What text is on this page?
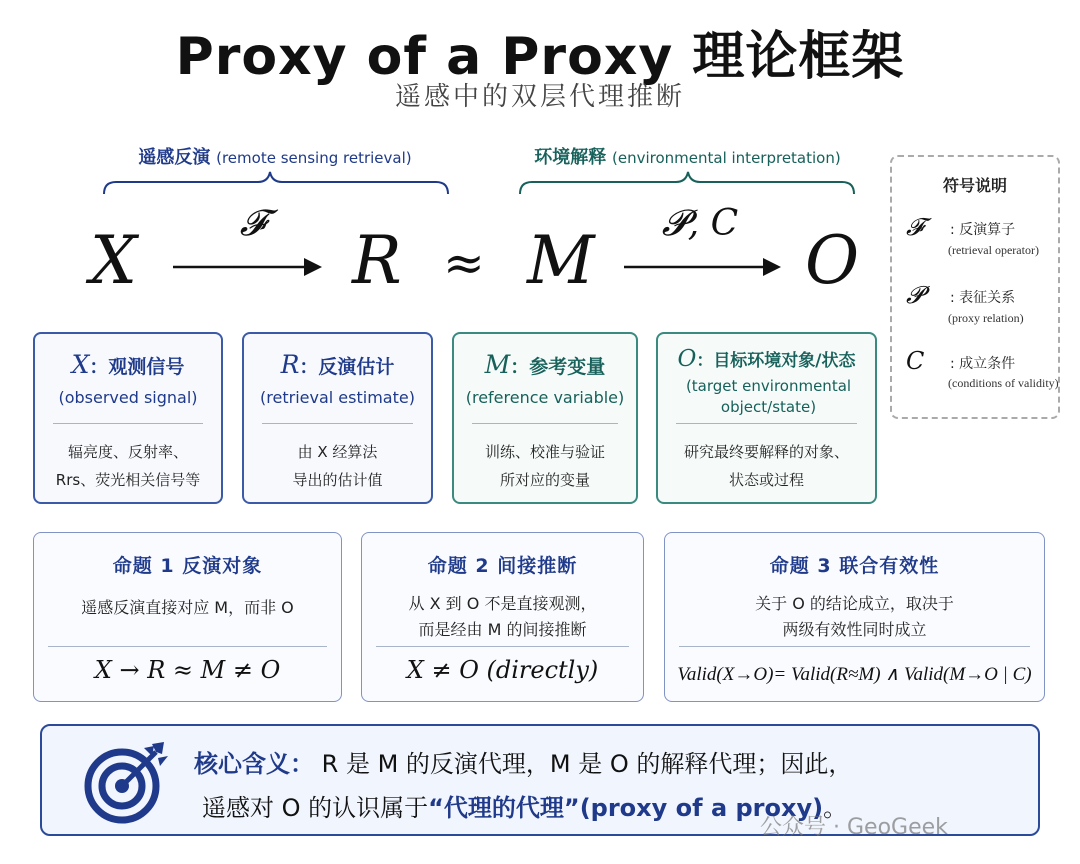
Proxy of a Proxy 理论框架
遥感中的双层代理推断
遥感反演 (remote sensing retrieval)	环境解释 (environmental interpretation)
𝓕	𝓟, C
X	R ≈ M	O
符号说明
𝓕 : 反演算子
(retrieval operator)
𝓟 : 表征关系
(proxy relation)
C : 成立条件
(conditions of validity)
X：观测信号
(observed signal)
辐亮度、反射率、
Rrs、荧光相关信号等
R：反演估计
(retrieval estimate)
由 X 经算法
导出的估计值
M：参考变量
(reference variable)
训练、校准与验证
所对应的变量
O：目标环境对象/状态
(target environmental object/state)
研究最终要解释的对象、
状态或过程
命题 1 反演对象
遥感反演直接对应 M，而非 O
X → R ≈ M ≠ O
命题 2 间接推断
从 X 到 O 不是直接观测，
而是经由 M 的间接推断
X ≠ O (directly)
命题 3 联合有效性
关于 O 的结论成立，取决于
两级有效性同时成立
Valid(X→O)= Valid(R≈M) ∧ Valid(M→O | C)
核心含义： R 是 M 的反演代理，M 是 O 的解释代理；因此，
遥感对 O 的认识属于“代理的代理”(proxy of a proxy)。
公众号 · GeoGeek
